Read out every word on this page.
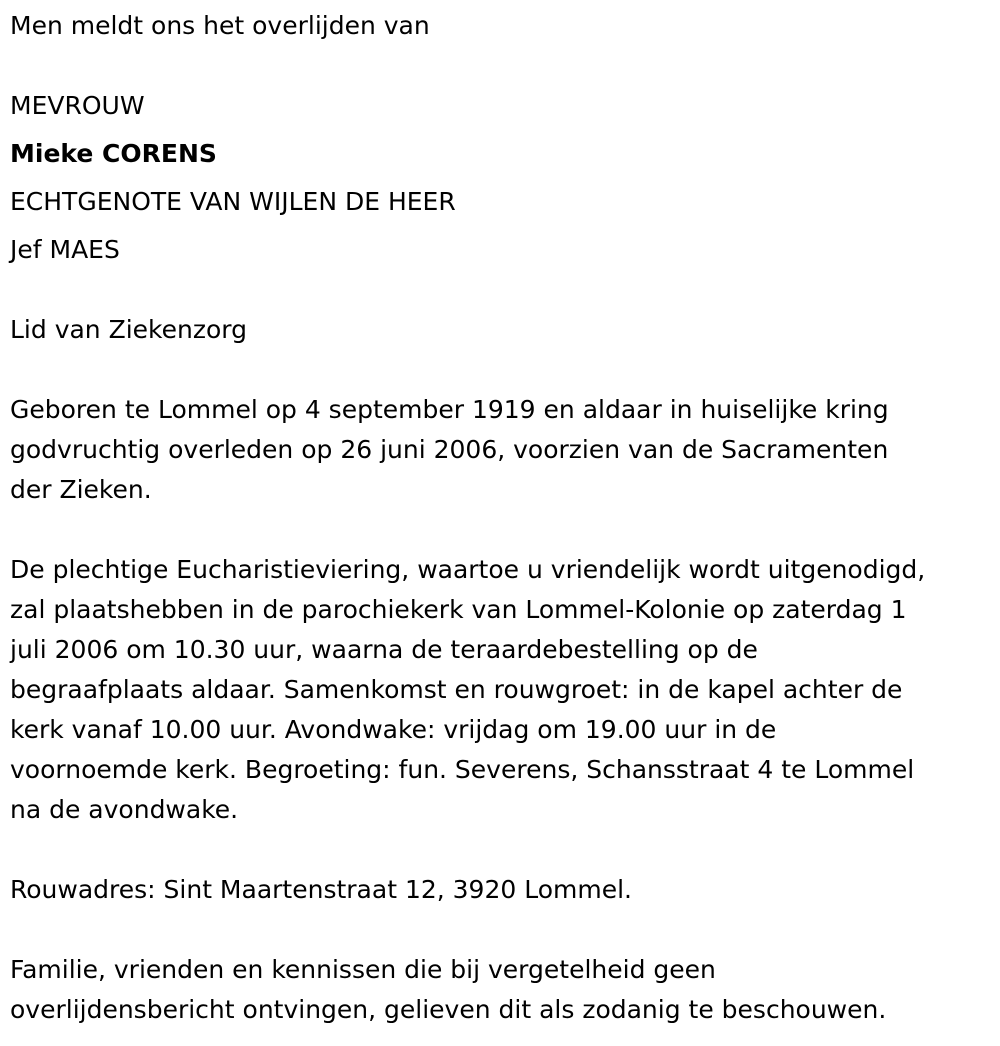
Men meldt ons het overlijden van
MEVROUW
Mieke CORENS
ECHTGENOTE VAN WIJLEN DE HEER
Jef MAES
Lid van Ziekenzorg
Geboren te Lommel op 4 september 1919 en aldaar in huiselijke kring
godvruchtig overleden op 26 juni 2006, voorzien van de Sacramenten
der Zieken.
De plechtige Eucharistieviering, waartoe u vriendelijk wordt uitgenodigd,
zal plaatshebben in de parochiekerk van Lommel-Kolonie op zaterdag 1
juli 2006 om 10.30 uur, waarna de teraardebestelling op de
begraafplaats aldaar. Samenkomst en rouwgroet: in de kapel achter de
kerk vanaf 10.00 uur. Avondwake: vrijdag om 19.00 uur in de
voornoemde kerk. Begroeting: fun. Severens, Schansstraat 4 te Lommel
na de avondwake.
Rouwadres: Sint Maartenstraat 12, 3920 Lommel.
Familie, vrienden en kennissen die bij vergetelheid geen
overlijdensbericht ontvingen, gelieven dit als zodanig te beschouwen.
